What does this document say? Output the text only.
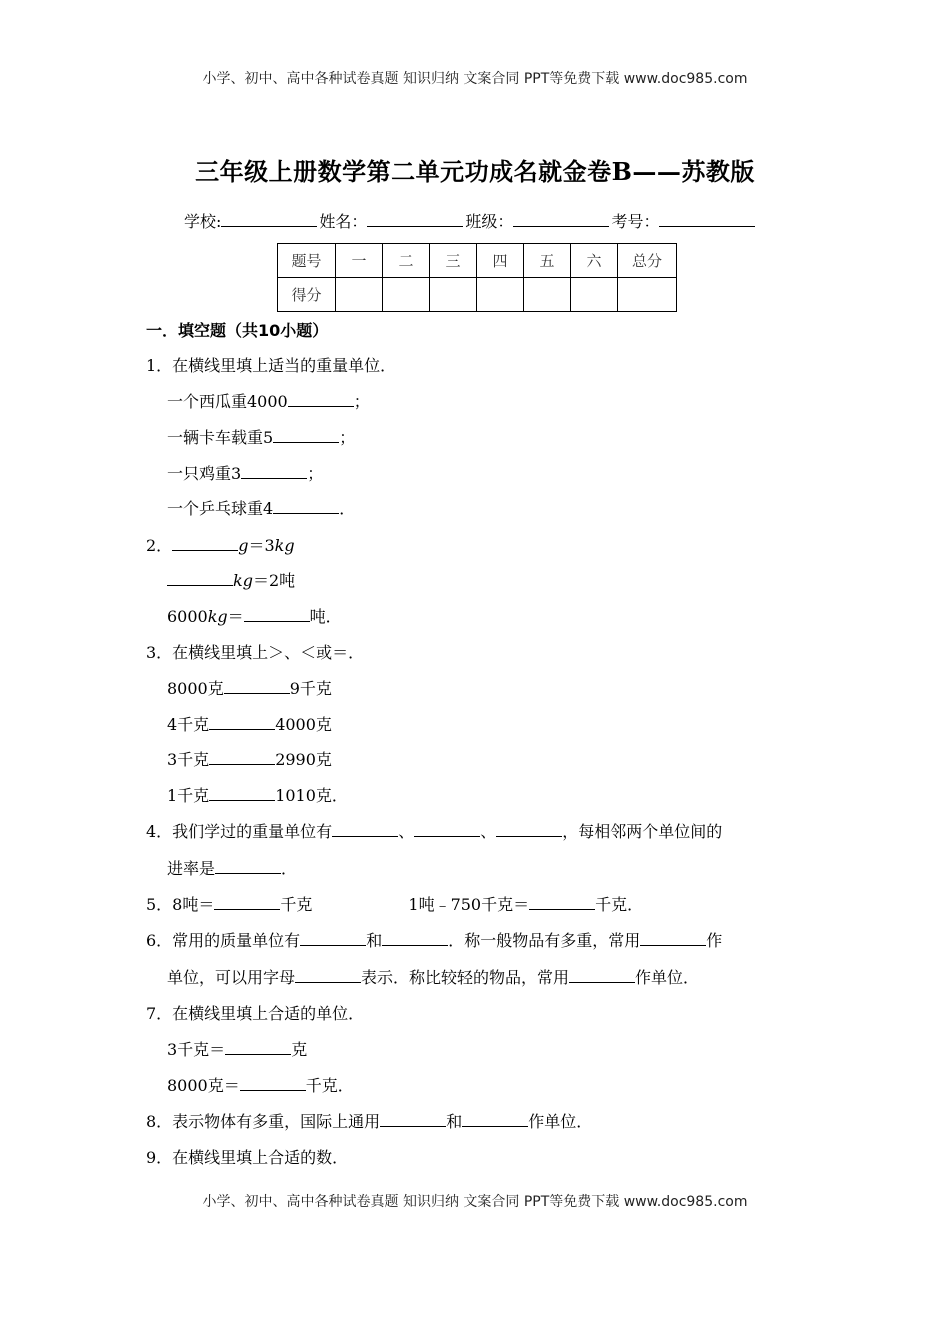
小学、初中、高中各种试卷真题 知识归纳 文案合同 PPT等免费下载 www.doc985.com
三年级上册数学第二单元功成名就金卷B——苏教版
学校:	姓名：	班级：	考号：
题号	一	二	三	四	五	六	总分
得分							
一．填空题（共10小题）
1．在横线里填上适当的重量单位．
一个西瓜重4000	；
一辆卡车载重5	；
一只鸡重3	；
一个乒乓球重4	．
2．	g＝3kg
kg＝2吨
6000kg＝	吨．
3．在横线里填上＞、＜或＝．
8000克	9千克
4千克	4000克
3千克	2990克
1千克	1010克．
4．我们学过的重量单位有	、	、	，每相邻两个单位间的
进率是	．
5．8吨＝	千克	1吨﹣750千克＝	千克．
6．常用的质量单位有	和	．称一般物品有多重，常用	作
单位，可以用字母	表示．称比较轻的物品，常用	作单位．
7．在横线里填上合适的单位．
3千克＝	克
8000克＝	千克．
8．表示物体有多重，国际上通用	和	作单位．
9．在横线里填上合适的数．
小学、初中、高中各种试卷真题 知识归纳 文案合同 PPT等免费下载 www.doc985.com
